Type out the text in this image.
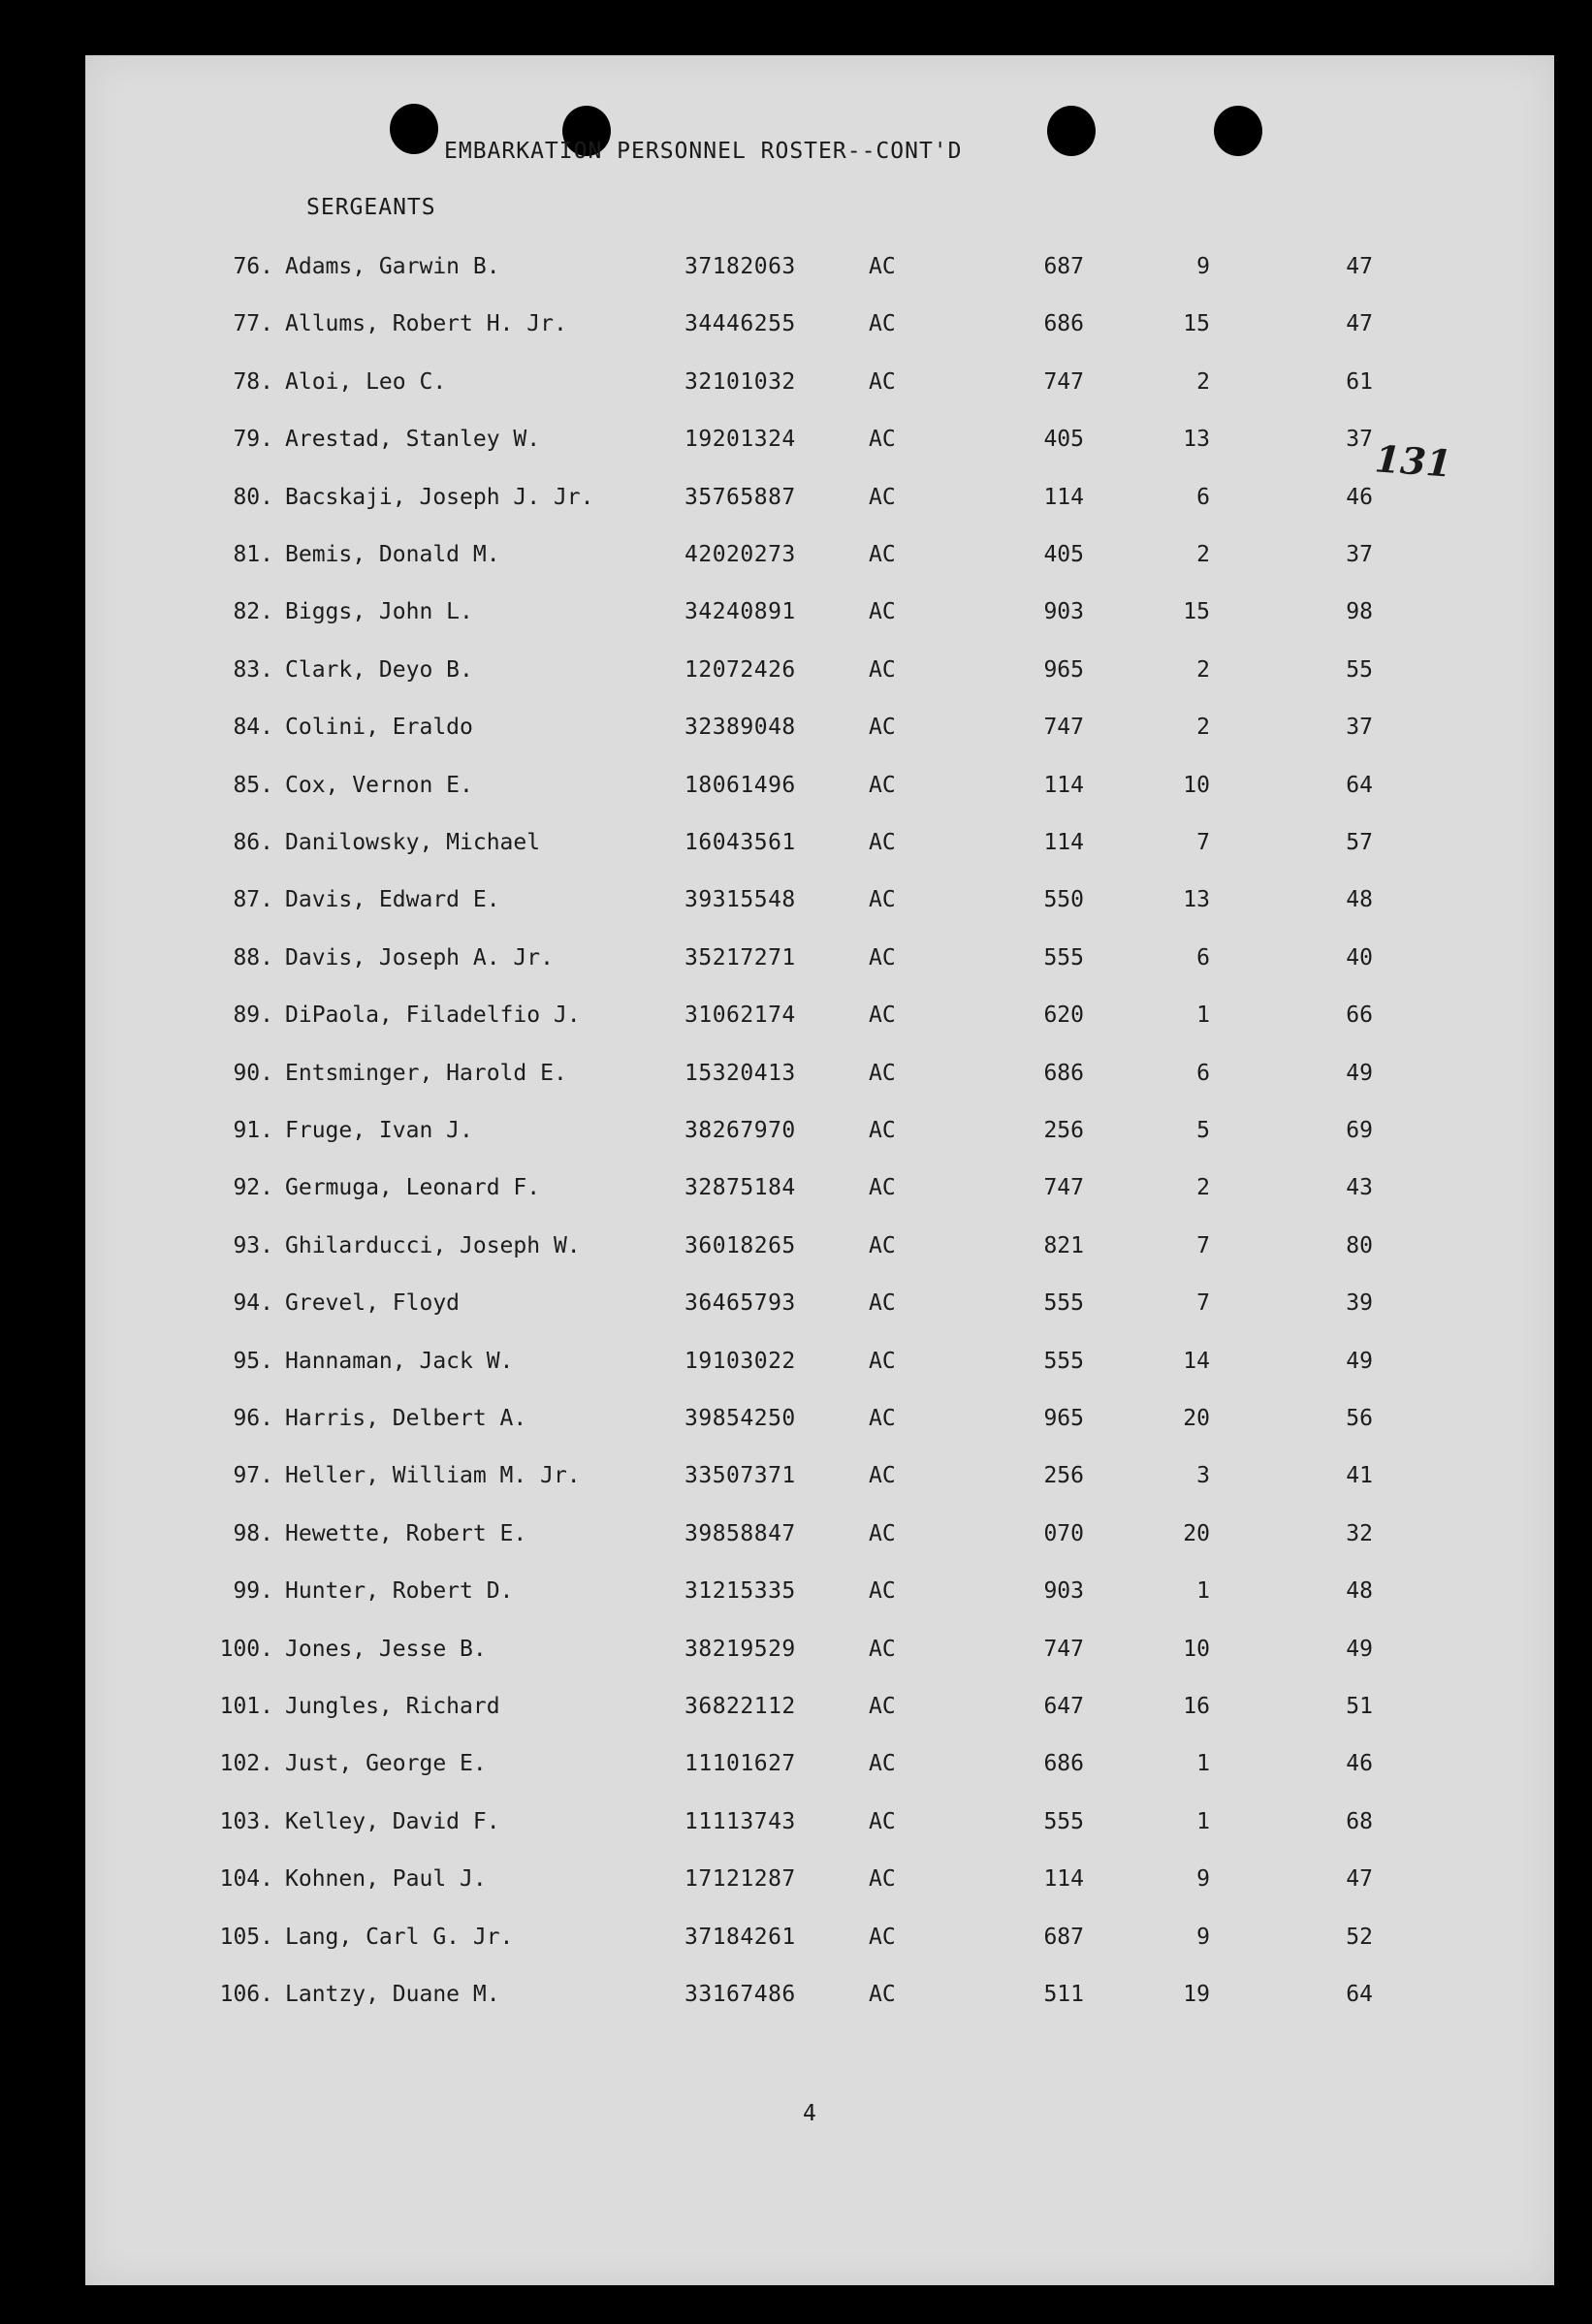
EMBARKATION PERSONNEL ROSTER--CONT'D
SERGEANTS
131
76. Adams, Garwin B.	37182063	AC	687	9	47
77. Allums, Robert H. Jr.	34446255	AC	686	15	47
78. Aloi, Leo C.	32101032	AC	747	2	61
79. Arestad, Stanley W.	19201324	AC	405	13	37
80. Bacskaji, Joseph J. Jr.	35765887	AC	114	6	46
81. Bemis, Donald M.	42020273	AC	405	2	37
82. Biggs, John L.	34240891	AC	903	15	98
83. Clark, Deyo B.	12072426	AC	965	2	55
84. Colini, Eraldo	32389048	AC	747	2	37
85. Cox, Vernon E.	18061496	AC	114	10	64
86. Danilowsky, Michael	16043561	AC	114	7	57
87. Davis, Edward E.	39315548	AC	550	13	48
88. Davis, Joseph A. Jr.	35217271	AC	555	6	40
89. DiPaola, Filadelfio J.	31062174	AC	620	1	66
90. Entsminger, Harold E.	15320413	AC	686	6	49
91. Fruge, Ivan J.	38267970	AC	256	5	69
92. Germuga, Leonard F.	32875184	AC	747	2	43
93. Ghilarducci, Joseph W.	36018265	AC	821	7	80
94. Grevel, Floyd	36465793	AC	555	7	39
95. Hannaman, Jack W.	19103022	AC	555	14	49
96. Harris, Delbert A.	39854250	AC	965	20	56
97. Heller, William M. Jr.	33507371	AC	256	3	41
98. Hewette, Robert E.	39858847	AC	070	20	32
99. Hunter, Robert D.	31215335	AC	903	1	48
100. Jones, Jesse B.	38219529	AC	747	10	49
101. Jungles, Richard	36822112	AC	647	16	51
102. Just, George E.	11101627	AC	686	1	46
103. Kelley, David F.	11113743	AC	555	1	68
104. Kohnen, Paul J.	17121287	AC	114	9	47
105. Lang, Carl G. Jr.	37184261	AC	687	9	52
106. Lantzy, Duane M.	33167486	AC	511	19	64
4
